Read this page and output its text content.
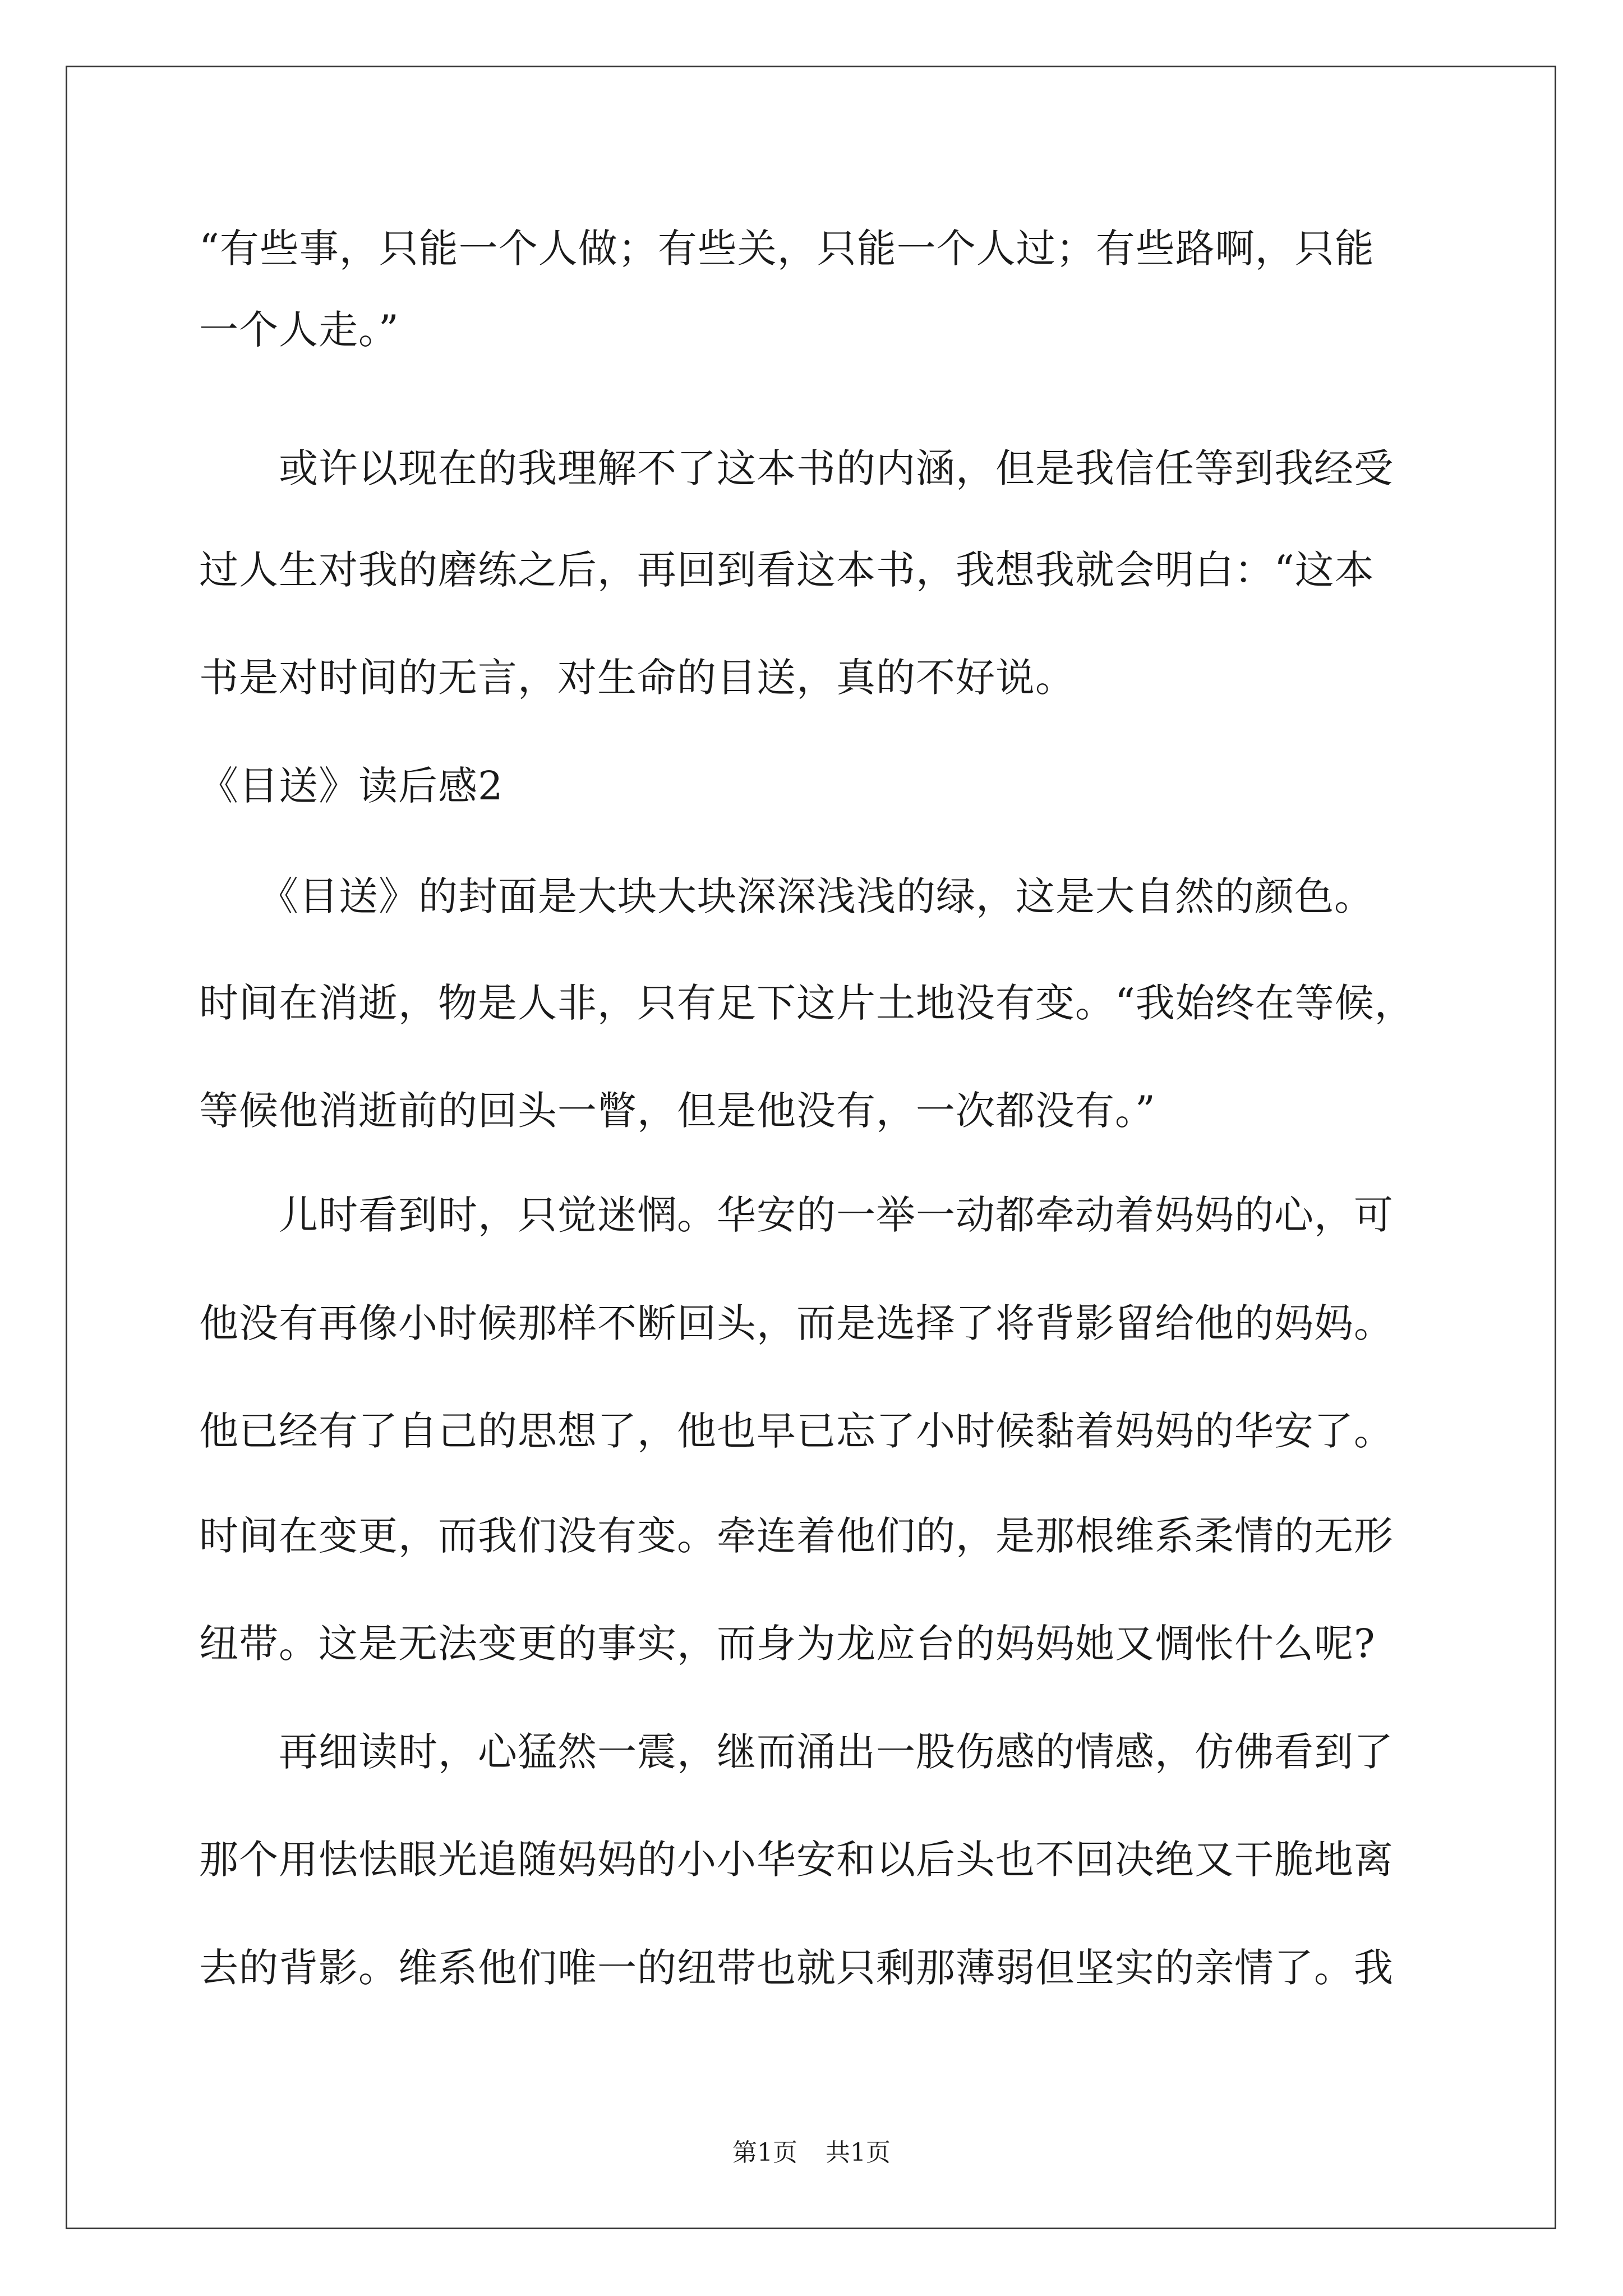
“有些事，只能一个人做；有些关，只能一个人过；有些路啊，只能
一个人走。”
　　或许以现在的我理解不了这本书的内涵，但是我信任等到我经受
过人生对我的磨练之后，再回到看这本书，我想我就会明白：“这本
书是对时间的无言，对生命的目送，真的不好说。
《目送》读后感2
　　《目送》的封面是大块大块深深浅浅的绿，这是大自然的颜色。
时间在消逝，物是人非，只有足下这片土地没有变。“我始终在等候，
等候他消逝前的回头一瞥，但是他没有，一次都没有。”
　　儿时看到时，只觉迷惘。华安的一举一动都牵动着妈妈的心，可
他没有再像小时候那样不断回头，而是选择了将背影留给他的妈妈。
他已经有了自己的思想了，他也早已忘了小时候黏着妈妈的华安了。
时间在变更，而我们没有变。牵连着他们的，是那根维系柔情的无形
纽带。这是无法变更的事实，而身为龙应台的妈妈她又惆怅什么呢?
　　再细读时，心猛然一震，继而涌出一股伤感的情感，仿佛看到了
那个用怯怯眼光追随妈妈的小小华安和以后头也不回决绝又干脆地离
去的背影。维系他们唯一的纽带也就只剩那薄弱但坚实的亲情了。我
第1页 共1页
